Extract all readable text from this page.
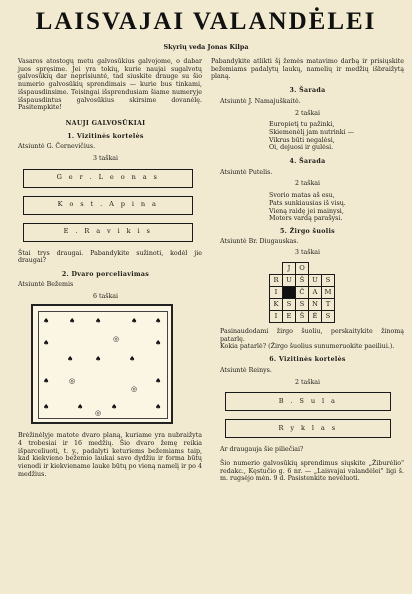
LAISVAJAI VALANDĖLEI
Skyrių veda Jonas Kilpa

Vasaros atostogų metu galvosūkius galvojome, o dabar juos spręsime. Jei yra tokių, kurie naujai sugalvotų galvosūkių dar neprisiuntė, tad siuskite drauge su šio numerio galvosūkių sprendimais — kurie bus tinkami, išspausdinsime. Teisingai išsprendusiam šiame numeryje išspausdintus galvosūkius skirsime dovanėlę. Pasitempkite!

NAUJI GALVOSŪKIAI
1. Vizitinės kortelės

Atsiuntė G. Černevičius.

3 taškai
G e r . L e o n a s
K o s t . A p i n a
E . R a v i k i s

Štai trys draugai. Pabandykite sužinoti, kodėl jie draugai?

2. Dvaro porceliavimas

Atsiuntė Bežemis

6 taškai
♠	♠	♠	♠	♠
♠	♠
♠	♠	♠
♠	♠
♠	♠	♠	♠
◎
◎
◎
◎

Brėžinėlyje matote dvaro planą, kuriame yra nubraižyta 4 trobesiai ir 16 medžių. Šio dvaro žemę reikia išparceliuoti, t. y., padalyti keturiems bežemiams taip, kad kiekvieno bežemio laukai savo dydžiu ir forma būtų vienodi ir kiekviename lauke būtų po vieną namelį ir po 4 medžius.

Pabandykite atlikti šį žemės matavimo darbą ir prisiųskite bežemiams padalytų laukų, namelių ir medžių išbraižytą planą.

3. Šarada

Atsiuntė J. Namajuškaitė.

2 taškai
Europietį tu pažinki,
Skiemenėlį jam nutrinki —
Vikrus būti negalėsi,
Oi, dejuosi ir gulėsi.
4. Šarada

Atsiuntė Putelis.

2 taškai
Svorio matas aš esu,
Pats sunkiausias iš visų.
Vieną raidę jei mainysi,
Moters vardą parašysi.
5. Žirgo šuolis

Atsiuntė Br. Diugauskas.

3 taškai
	J	O		
R	U	Š	U	S
I		Č	A	M
K	S	S	N	T
I	E	Š	Ė	S

Pasinaudodami žirgo šuoliu, perskaitykite žinomą patarlę.

Kokia patarlė? (Žirgo šuolius sunumeruokite paeiliui.).

6. Vizitinės kortelės

Atsiuntė Reinys.

2 taškai
B . S u l a
R y k l a s

Ar draugauja šie piliečiai?

Šio numerio galvosūkių sprendimus siųskite „Žiburėlio" redakc., Kęstučio g. 6 nr. — „Laisvajai valandėlei" ligi š. m. rugsėjo mėn. 9 d. Pasistenkite nevėluoti.
